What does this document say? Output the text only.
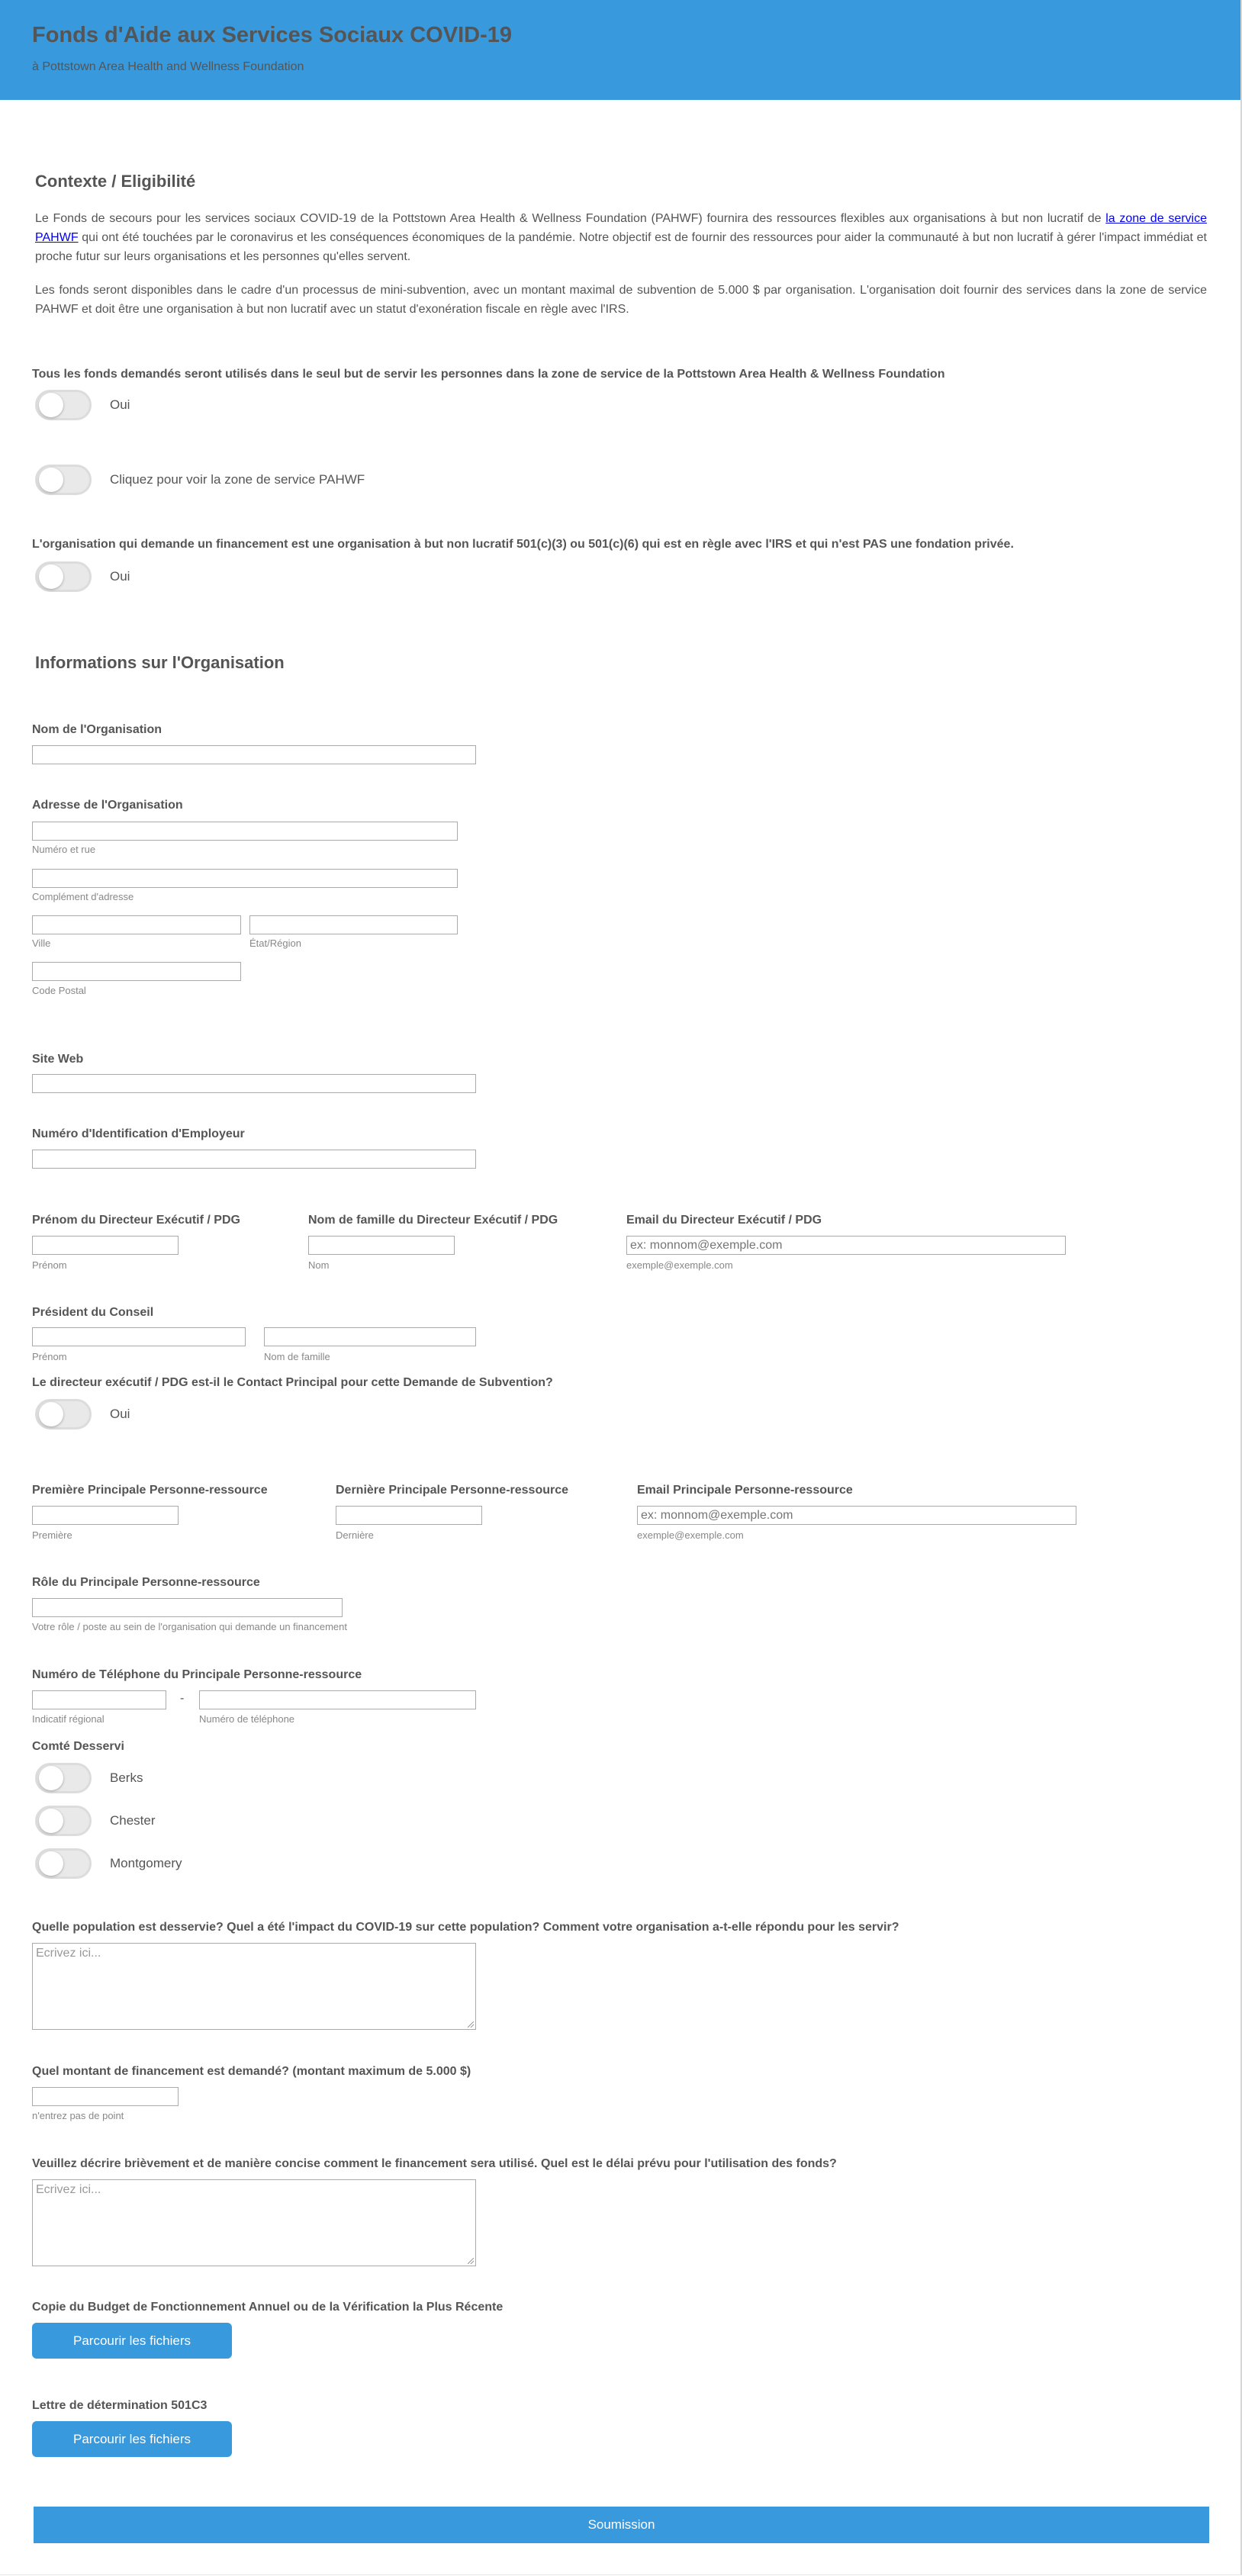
Fonds d'Aide aux Services Sociaux COVID-19
à Pottstown Area Health and Wellness Foundation
Contexte / Eligibilité
Le Fonds de secours pour les services sociaux COVID-19 de la Pottstown Area Health & Wellness Foundation (PAHWF) fournira des ressources flexibles aux organisations à but non lucratif de la zone de service PAHWF qui ont été touchées par le coronavirus et les conséquences économiques de la pandémie. Notre objectif est de fournir des ressources pour aider la communauté à but non lucratif à gérer l'impact immédiat et proche futur sur leurs organisations et les personnes qu'elles servent.
Les fonds seront disponibles dans le cadre d'un processus de mini-subvention, avec un montant maximal de subvention de 5.000 $ par organisation. L'organisation doit fournir des services dans la zone de service PAHWF et doit être une organisation à but non lucratif avec un statut d'exonération fiscale en règle avec l'IRS.
Tous les fonds demandés seront utilisés dans le seul but de servir les personnes dans la zone de service de la Pottstown Area Health & Wellness Foundation
Oui
Cliquez pour voir la zone de service PAHWF
L'organisation qui demande un financement est une organisation à but non lucratif 501(c)(3) ou 501(c)(6) qui est en règle avec l'IRS et qui n'est PAS une fondation privée.
Oui
Informations sur l'Organisation
Nom de l'Organisation
Adresse de l'Organisation
Numéro et rue
Complément d'adresse
Ville	État/Région
Code Postal
Site Web
Numéro d'Identification d'Employeur
Prénom du Directeur Exécutif / PDG
Prénom
Nom de famille du Directeur Exécutif / PDG
Nom
Email du Directeur Exécutif / PDG
ex: monnom@exemple.com
exemple@exemple.com
Président du Conseil
Prénom	Nom de famille
Le directeur exécutif / PDG est-il le Contact Principal pour cette Demande de Subvention?
Oui
Première Principale Personne-ressource
Première
Dernière Principale Personne-ressource
Dernière
Email Principale Personne-ressource
ex: monnom@exemple.com
exemple@exemple.com
Rôle du Principale Personne-ressource
Votre rôle / poste au sein de l'organisation qui demande un financement
Numéro de Téléphone du Principale Personne-ressource
Indicatif régional
-
Numéro de téléphone
Comté Desservi
Berks
Chester
Montgomery
Quelle population est desservie? Quel a été l'impact du COVID-19 sur cette population? Comment votre organisation a-t-elle répondu pour les servir?
Ecrivez ici...
Quel montant de financement est demandé? (montant maximum de 5.000 $)
n'entrez pas de point
Veuillez décrire brièvement et de manière concise comment le financement sera utilisé. Quel est le délai prévu pour l'utilisation des fonds?
Ecrivez ici...
Copie du Budget de Fonctionnement Annuel ou de la Vérification la Plus Récente
Parcourir les fichiers
Lettre de détermination 501C3
Parcourir les fichiers
Soumission
